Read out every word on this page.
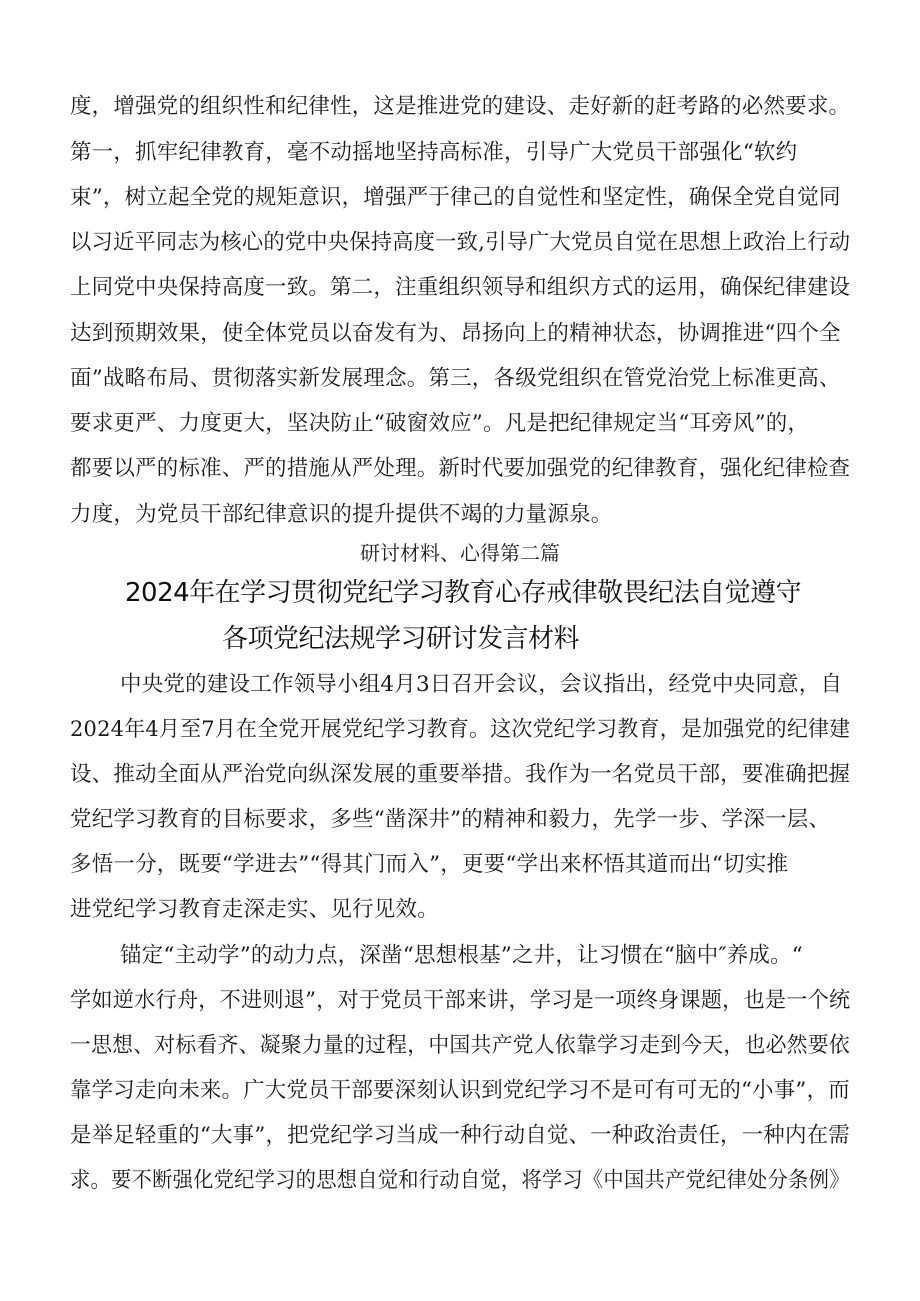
度，增强党的组织性和纪律性，这是推进党的建设、走好新的赶考路的必然要求。
第一，抓牢纪律教育，毫不动摇地坚持高标准，引导广大党员干部强化“软约
束”，树立起全党的规矩意识，增强严于律己的自觉性和坚定性，确保全党自觉同
以习近平同志为核心的党中央保持高度一致,引导广大党员自觉在思想上政治上行动
上同党中央保持高度一致。第二，注重组织领导和组织方式的运用，确保纪律建设
达到预期效果，使全体党员以奋发有为、昂扬向上的精神状态，协调推进“四个全
面”战略布局、贯彻落实新发展理念。第三，各级党组织在管党治党上标准更高、
要求更严、力度更大，坚决防止“破窗效应”。凡是把纪律规定当“耳旁风”的，
都要以严的标准、严的措施从严处理。新时代要加强党的纪律教育，强化纪律检查
力度，为党员干部纪律意识的提升提供不竭的力量源泉。
研讨材料、心得第二篇
2024年在学习贯彻党纪学习教育心存戒律敬畏纪法自觉遵守
各项党纪法规学习研讨发言材料
中央党的建设工作领导小组4月3日召开会议，会议指出，经党中央同意，自
2024年4月至7月在全党开展党纪学习教育。这次党纪学习教育，是加强党的纪律建
设、推动全面从严治党向纵深发展的重要举措。我作为一名党员干部，要准确把握
党纪学习教育的目标要求，多些“凿深井”的精神和毅力，先学一步、学深一层、
多悟一分，既要“学进去”“得其门而入”，更要“学出来杯悟其道而出“切实推
进党纪学习教育走深走实、见行见效。
锚定“主动学”的动力点，深凿“思想根基”之井，让习惯在“脑中″养成。“
学如逆水行舟，不进则退”，对于党员干部来讲，学习是一项终身课题，也是一个统
一思想、对标看齐、凝聚力量的过程，中国共产党人依靠学习走到今天，也必然要依
靠学习走向未来。广大党员干部要深刻认识到党纪学习不是可有可无的“小事”，而
是举足轻重的“大事”，把党纪学习当成一种行动自觉、一种政治责任，一种内在需
求。要不断强化党纪学习的思想自觉和行动自觉，将学习《中国共产党纪律处分条例》
